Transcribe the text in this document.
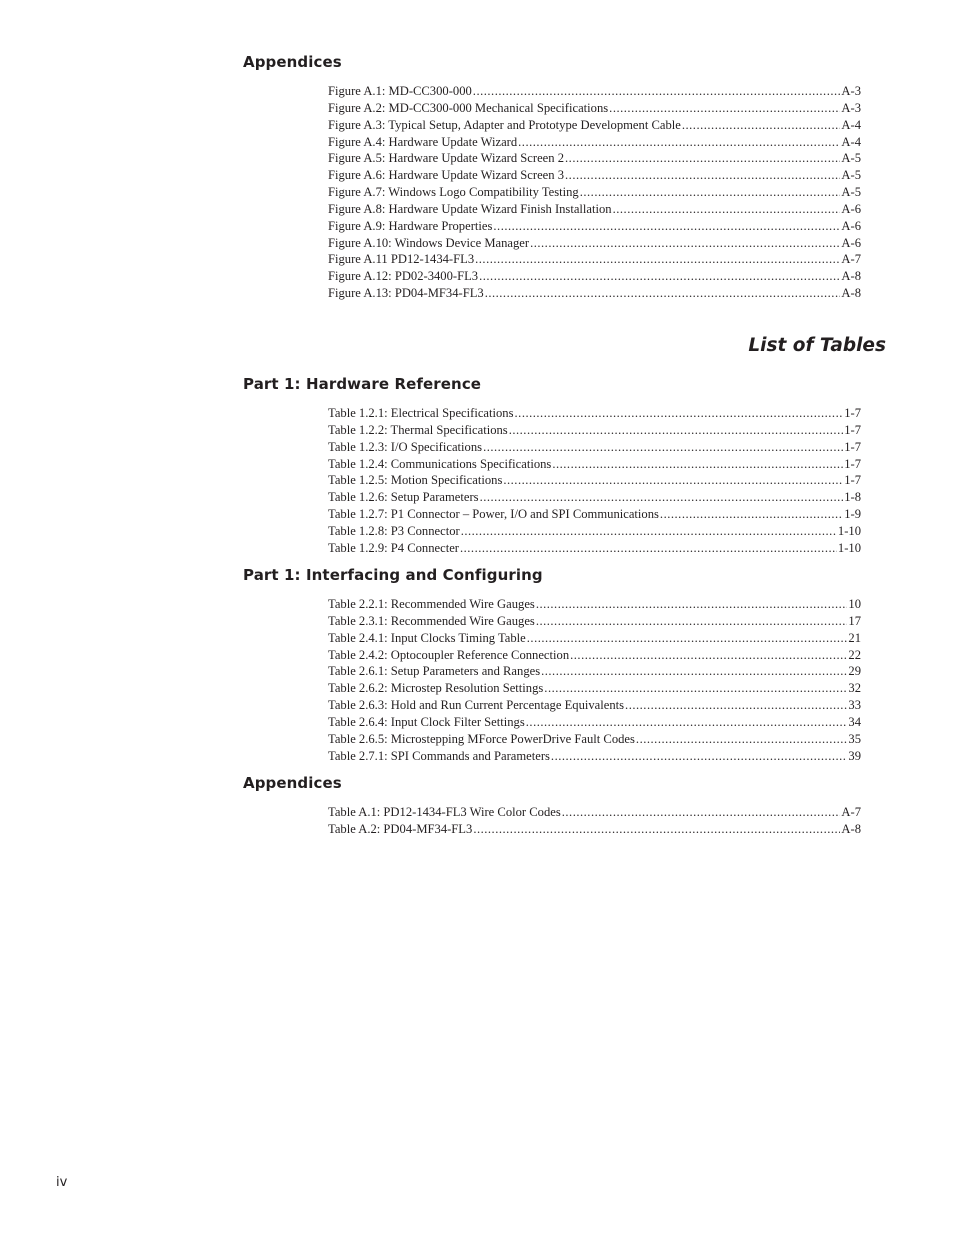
Appendices
Figure A.1: MD-CC300-000 .....	A-3
Figure A.2: MD-CC300-000 Mechanical Specifications .....	A-3
Figure A.3: Typical Setup, Adapter and Prototype Development Cable .....	A-4
Figure A.4: Hardware Update Wizard .....	A-4
Figure A.5: Hardware Update Wizard Screen 2 .....	A-5
Figure A.6: Hardware Update Wizard Screen 3 .....	A-5
Figure A.7: Windows Logo Compatibility Testing .....	A-5
Figure A.8: Hardware Update Wizard Finish Installation .....	A-6
Figure A.9: Hardware Properties .....	A-6
Figure A.10: Windows Device Manager .....	A-6
Figure A.11 PD12-1434-FL3 .....	A-7
Figure A.12: PD02-3400-FL3 .....	A-8
Figure A.13: PD04-MF34-FL3 .....	A-8
List of Tables
Part 1: Hardware Reference
Table 1.2.1: Electrical Specifications .....	1-7
Table 1.2.2: Thermal Specifications .....	1-7
Table 1.2.3: I/O Specifications .....	1-7
Table 1.2.4: Communications Specifications .....	1-7
Table 1.2.5: Motion Specifications .....	1-7
Table 1.2.6: Setup Parameters .....	1-8
Table 1.2.7: P1 Connector – Power, I/O and SPI Communications .....	1-9
Table 1.2.8: P3 Connector .....	1-10
Table 1.2.9: P4 Connecter .....	1-10
Part 1: Interfacing and Configuring
Table 2.2.1: Recommended Wire Gauges .....	10
Table 2.3.1: Recommended Wire Gauges .....	17
Table 2.4.1: Input Clocks Timing Table .....	21
Table 2.4.2: Optocoupler Reference Connection .....	22
Table 2.6.1: Setup Parameters and Ranges .....	29
Table 2.6.2: Microstep Resolution Settings .....	32
Table 2.6.3: Hold and Run Current Percentage Equivalents .....	33
Table 2.6.4: Input Clock Filter Settings .....	34
Table 2.6.5: Microstepping MForce PowerDrive Fault Codes .....	35
Table 2.7.1: SPI Commands and Parameters .....	39
Appendices
Table A.1: PD12-1434-FL3 Wire Color Codes .....	A-7
Table A.2: PD04-MF34-FL3 .....	A-8

iv
